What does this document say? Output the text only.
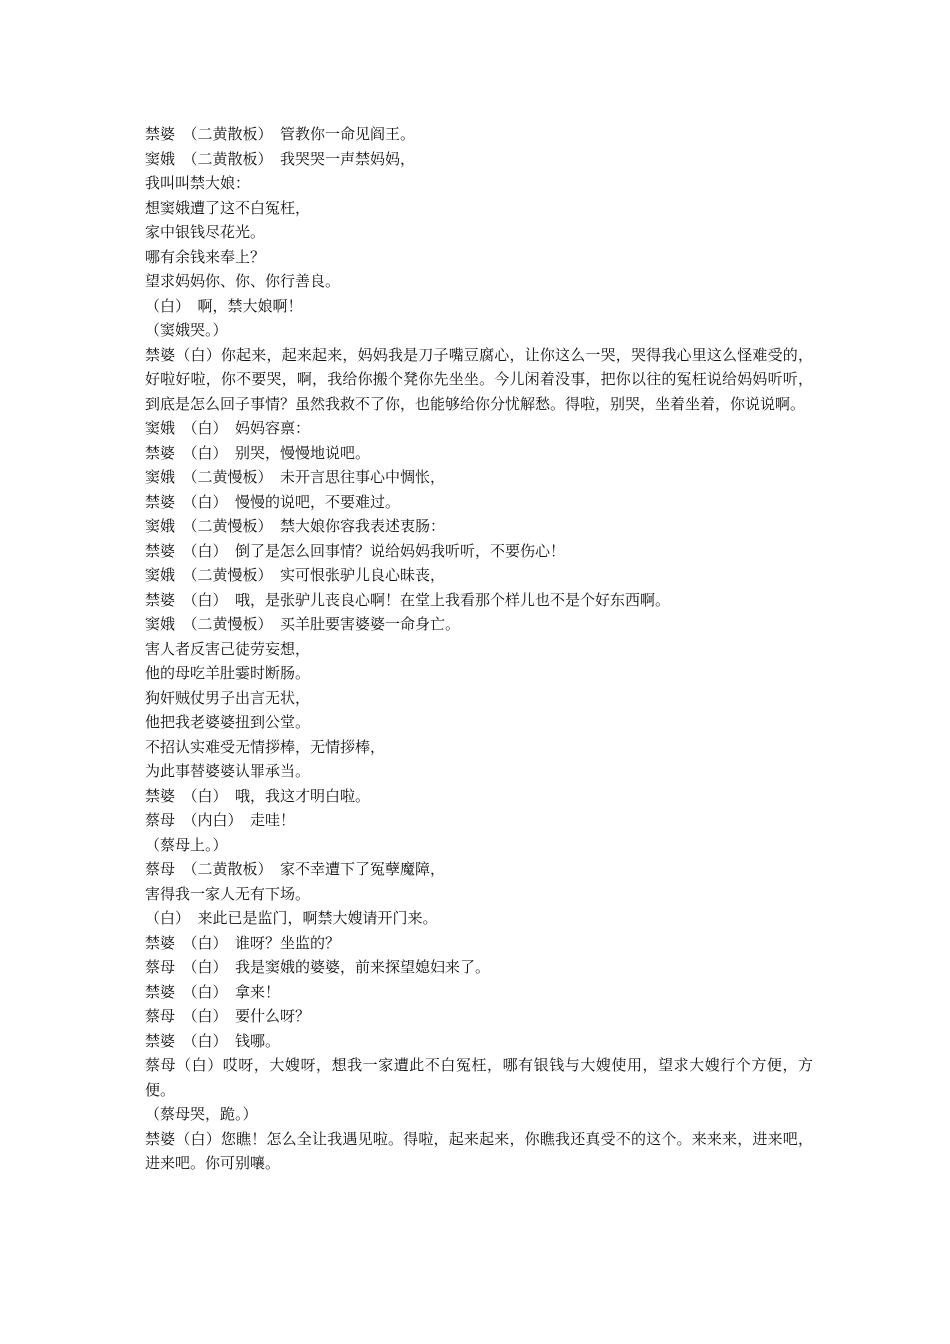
禁婆　（二黄散板）　管教你一命见阎王。
窦娥　（二黄散板）　我哭哭一声禁妈妈，
我叫叫禁大娘：
想窦娥遭了这不白冤枉，
家中银钱尽花光。
哪有余钱来奉上？
望求妈妈你、你、你行善良。
（白）　啊，禁大娘啊！
（窦娥哭。）
禁婆（白）你起来，起来起来，妈妈我是刀子嘴豆腐心，让你这么一哭，哭得我心里这么怪难受的，好啦好啦，你不要哭，啊，我给你搬个凳你先坐坐。今儿闲着没事，把你以往的冤枉说给妈妈听听，到底是怎么回子事情？虽然我救不了你，也能够给你分忧解愁。得啦，别哭，坐着坐着，你说说啊。
窦娥　（白）　妈妈容禀：
禁婆　（白）　别哭，慢慢地说吧。
窦娥　（二黄慢板）　未开言思往事心中惆怅，
禁婆　（白）　慢慢的说吧，不要难过。
窦娥　（二黄慢板）　禁大娘你容我表述衷肠：
禁婆　（白）　倒了是怎么回事情？说给妈妈我听听，不要伤心！
窦娥　（二黄慢板）　实可恨张驴儿良心昧丧，
禁婆　（白）　哦，是张驴儿丧良心啊！在堂上我看那个样儿也不是个好东西啊。
窦娥　（二黄慢板）　买羊肚要害婆婆一命身亡。
害人者反害己徒劳妄想，
他的母吃羊肚霎时断肠。
狗奸贼仗男子出言无状，
他把我老婆婆扭到公堂。
不招认实难受无情拶棒，无情拶棒，
为此事替婆婆认罪承当。
禁婆　（白）　哦，我这才明白啦。
蔡母　（内白）　走哇！
（蔡母上。）
蔡母　（二黄散板）　家不幸遭下了冤孽魔障，
害得我一家人无有下场。
（白）　来此已是监门，啊禁大嫂请开门来。
禁婆　（白）　谁呀？坐监的？
蔡母　（白）　我是窦娥的婆婆，前来探望媳妇来了。
禁婆　（白）　拿来！
蔡母　（白）　要什么呀？
禁婆　（白）　钱哪。
蔡母（白）哎呀，大嫂呀，想我一家遭此不白冤枉，哪有银钱与大嫂使用，望求大嫂行个方便，方便。
（蔡母哭，跪。）
禁婆（白）您瞧！怎么全让我遇见啦。得啦，起来起来，你瞧我还真受不的这个。来来来，进来吧，进来吧。你可别嚷。
